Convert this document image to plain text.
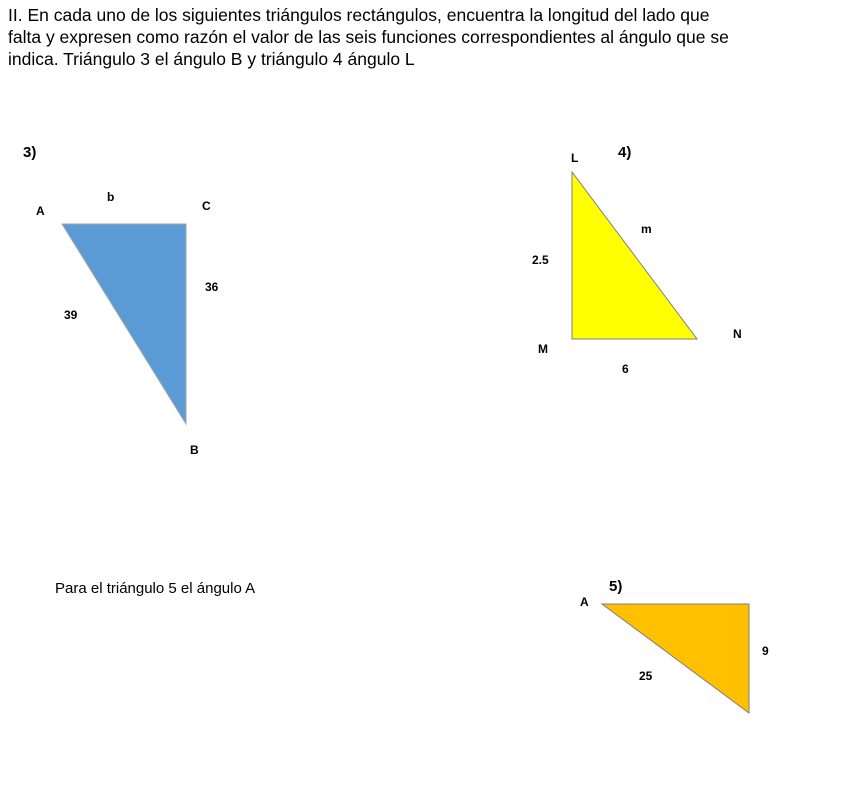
II. En cada uno de los siguientes triángulos rectángulos, encuentra la longitud del lado que
falta y expresen como razón el valor de las seis funciones correspondientes al ángulo que se
indica. Triángulo 3 el ángulo B y triángulo 4 ángulo L
3)
b
A	C
36
39
B
L	4)
m
2.5
N
M
6
Para el triángulo 5 el ángulo A	5)
A
9
25
